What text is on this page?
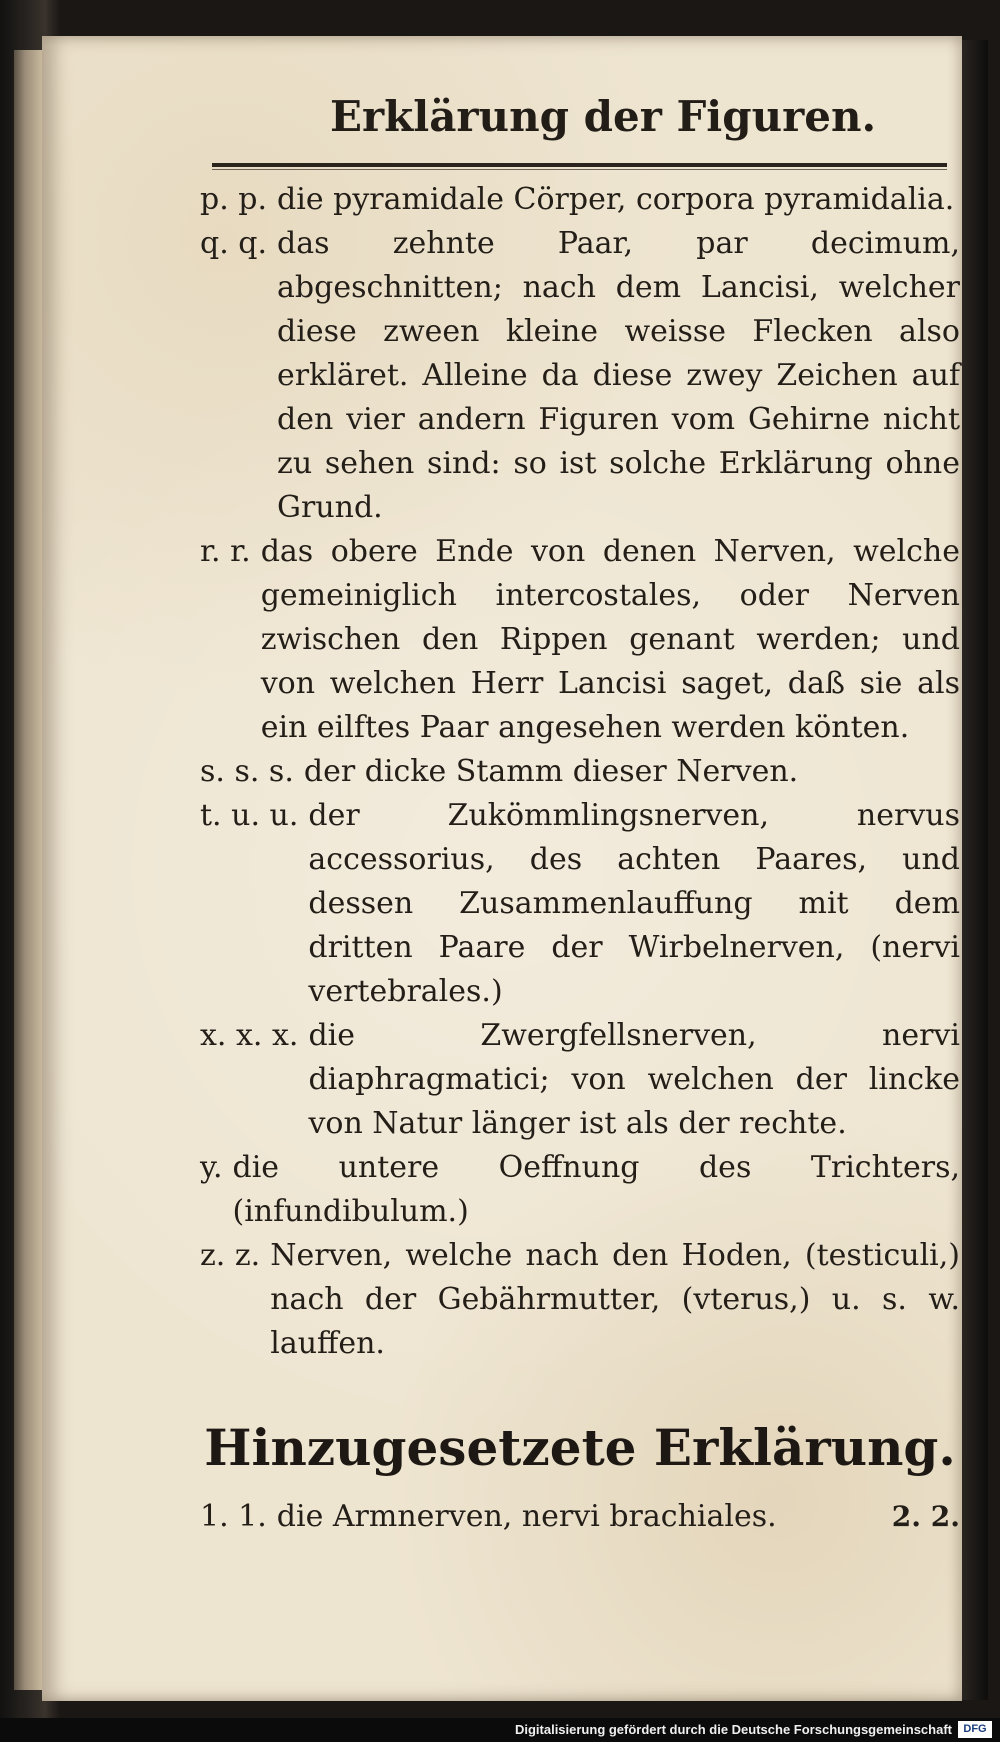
Erklärung der Figuren.
p. p. die pyramidale Cörper, corpora pyramidalia.
q. q. das zehnte Paar, par decimum, abgeschnitten; nach dem Lancisi, welcher diese zween kleine weisse Flecken also erkläret. Alleine da diese zwey Zeichen auf den vier andern Figuren vom Gehirne nicht zu sehen sind: so ist solche Erklärung ohne Grund.
r. r. das obere Ende von denen Nerven, welche gemeiniglich intercostales, oder Nerven zwischen den Rippen genant werden; und von welchen Herr Lancisi saget, daß sie als ein eilftes Paar angesehen werden könten.
s. s. s. der dicke Stamm dieser Nerven.
t. u. u. der Zukömmlingsnerven, nervus accessorius, des achten Paares, und dessen Zusammenlauffung mit dem dritten Paare der Wirbelnerven, (nervi vertebrales.)
x. x. x. die Zwergfellsnerven, nervi diaphragmatici; von welchen der lincke von Natur länger ist als der rechte.
y. die untere Oeffnung des Trichters, (infundibulum.)
z. z. Nerven, welche nach den Hoden, (testiculi,) nach der Gebährmutter, (vterus,) u. s. w. lauffen.
Hinzugesetzete Erklärung.
1. 1. die Armnerven, nervi brachiales.	2. 2.
Digitalisierung gefördert durch die Deutsche Forschungsgemeinschaft	DFG
